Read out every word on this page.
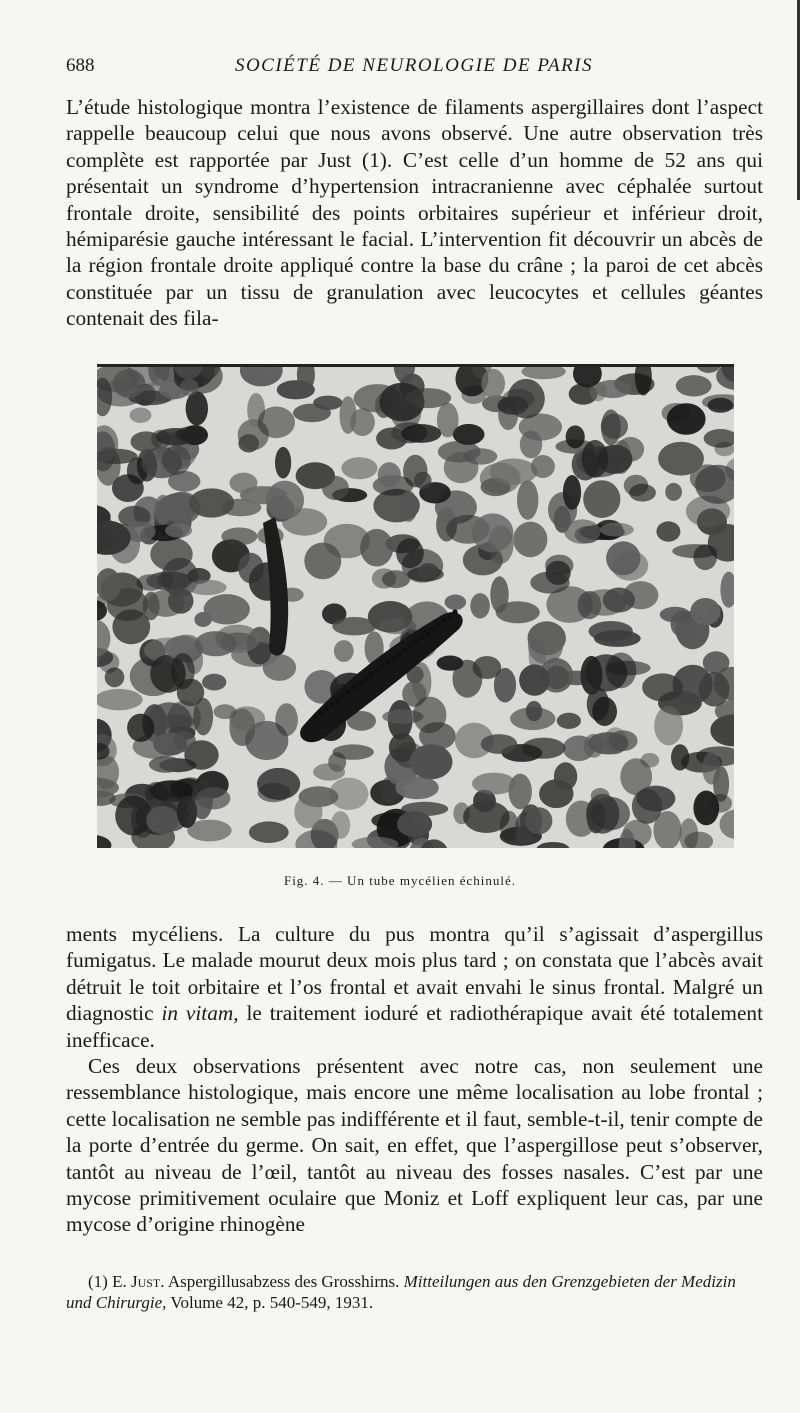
688	SOCIÉTÉ DE NEUROLOGIE DE PARIS

L’étude histologique montra l’existence de filaments aspergillaires dont l’aspect rappelle beaucoup celui que nous avons observé. Une autre observation très complète est rapportée par Just (1). C’est celle d’un homme de 52 ans qui présentait un syndrome d’hypertension intracranienne avec céphalée surtout frontale droite, sensibilité des points orbitaires supérieur et inférieur droit, hémiparésie gauche intéressant le facial. L’intervention fit découvrir un abcès de la région frontale droite appliqué contre la base du crâne ; la paroi de cet abcès constituée par un tissu de granulation avec leucocytes et cellules géantes contenait des fila-

Fig. 4. — Un tube mycélien échinulé.

ments mycéliens. La culture du pus montra qu’il s’agissait d’aspergillus fumigatus. Le malade mourut deux mois plus tard ; on constata que l’abcès avait détruit le toit orbitaire et l’os frontal et avait envahi le sinus frontal. Malgré un diagnostic in vitam, le traitement ioduré et radiothérapique avait été totalement inefficace.

Ces deux observations présentent avec notre cas, non seulement une ressemblance histologique, mais encore une même localisation au lobe frontal ; cette localisation ne semble pas indifférente et il faut, semble-t-il, tenir compte de la porte d’entrée du germe. On sait, en effet, que l’aspergillose peut s’observer, tantôt au niveau de l’œil, tantôt au niveau des fosses nasales. C’est par une mycose primitivement oculaire que Moniz et Loff expliquent leur cas, par une mycose d’origine rhinogène

(1) E. Just. Aspergillusabzess des Grosshirns. Mitteilungen aus den Grenzgebieten der Medizin und Chirurgie, Volume 42, p. 540-549, 1931.
